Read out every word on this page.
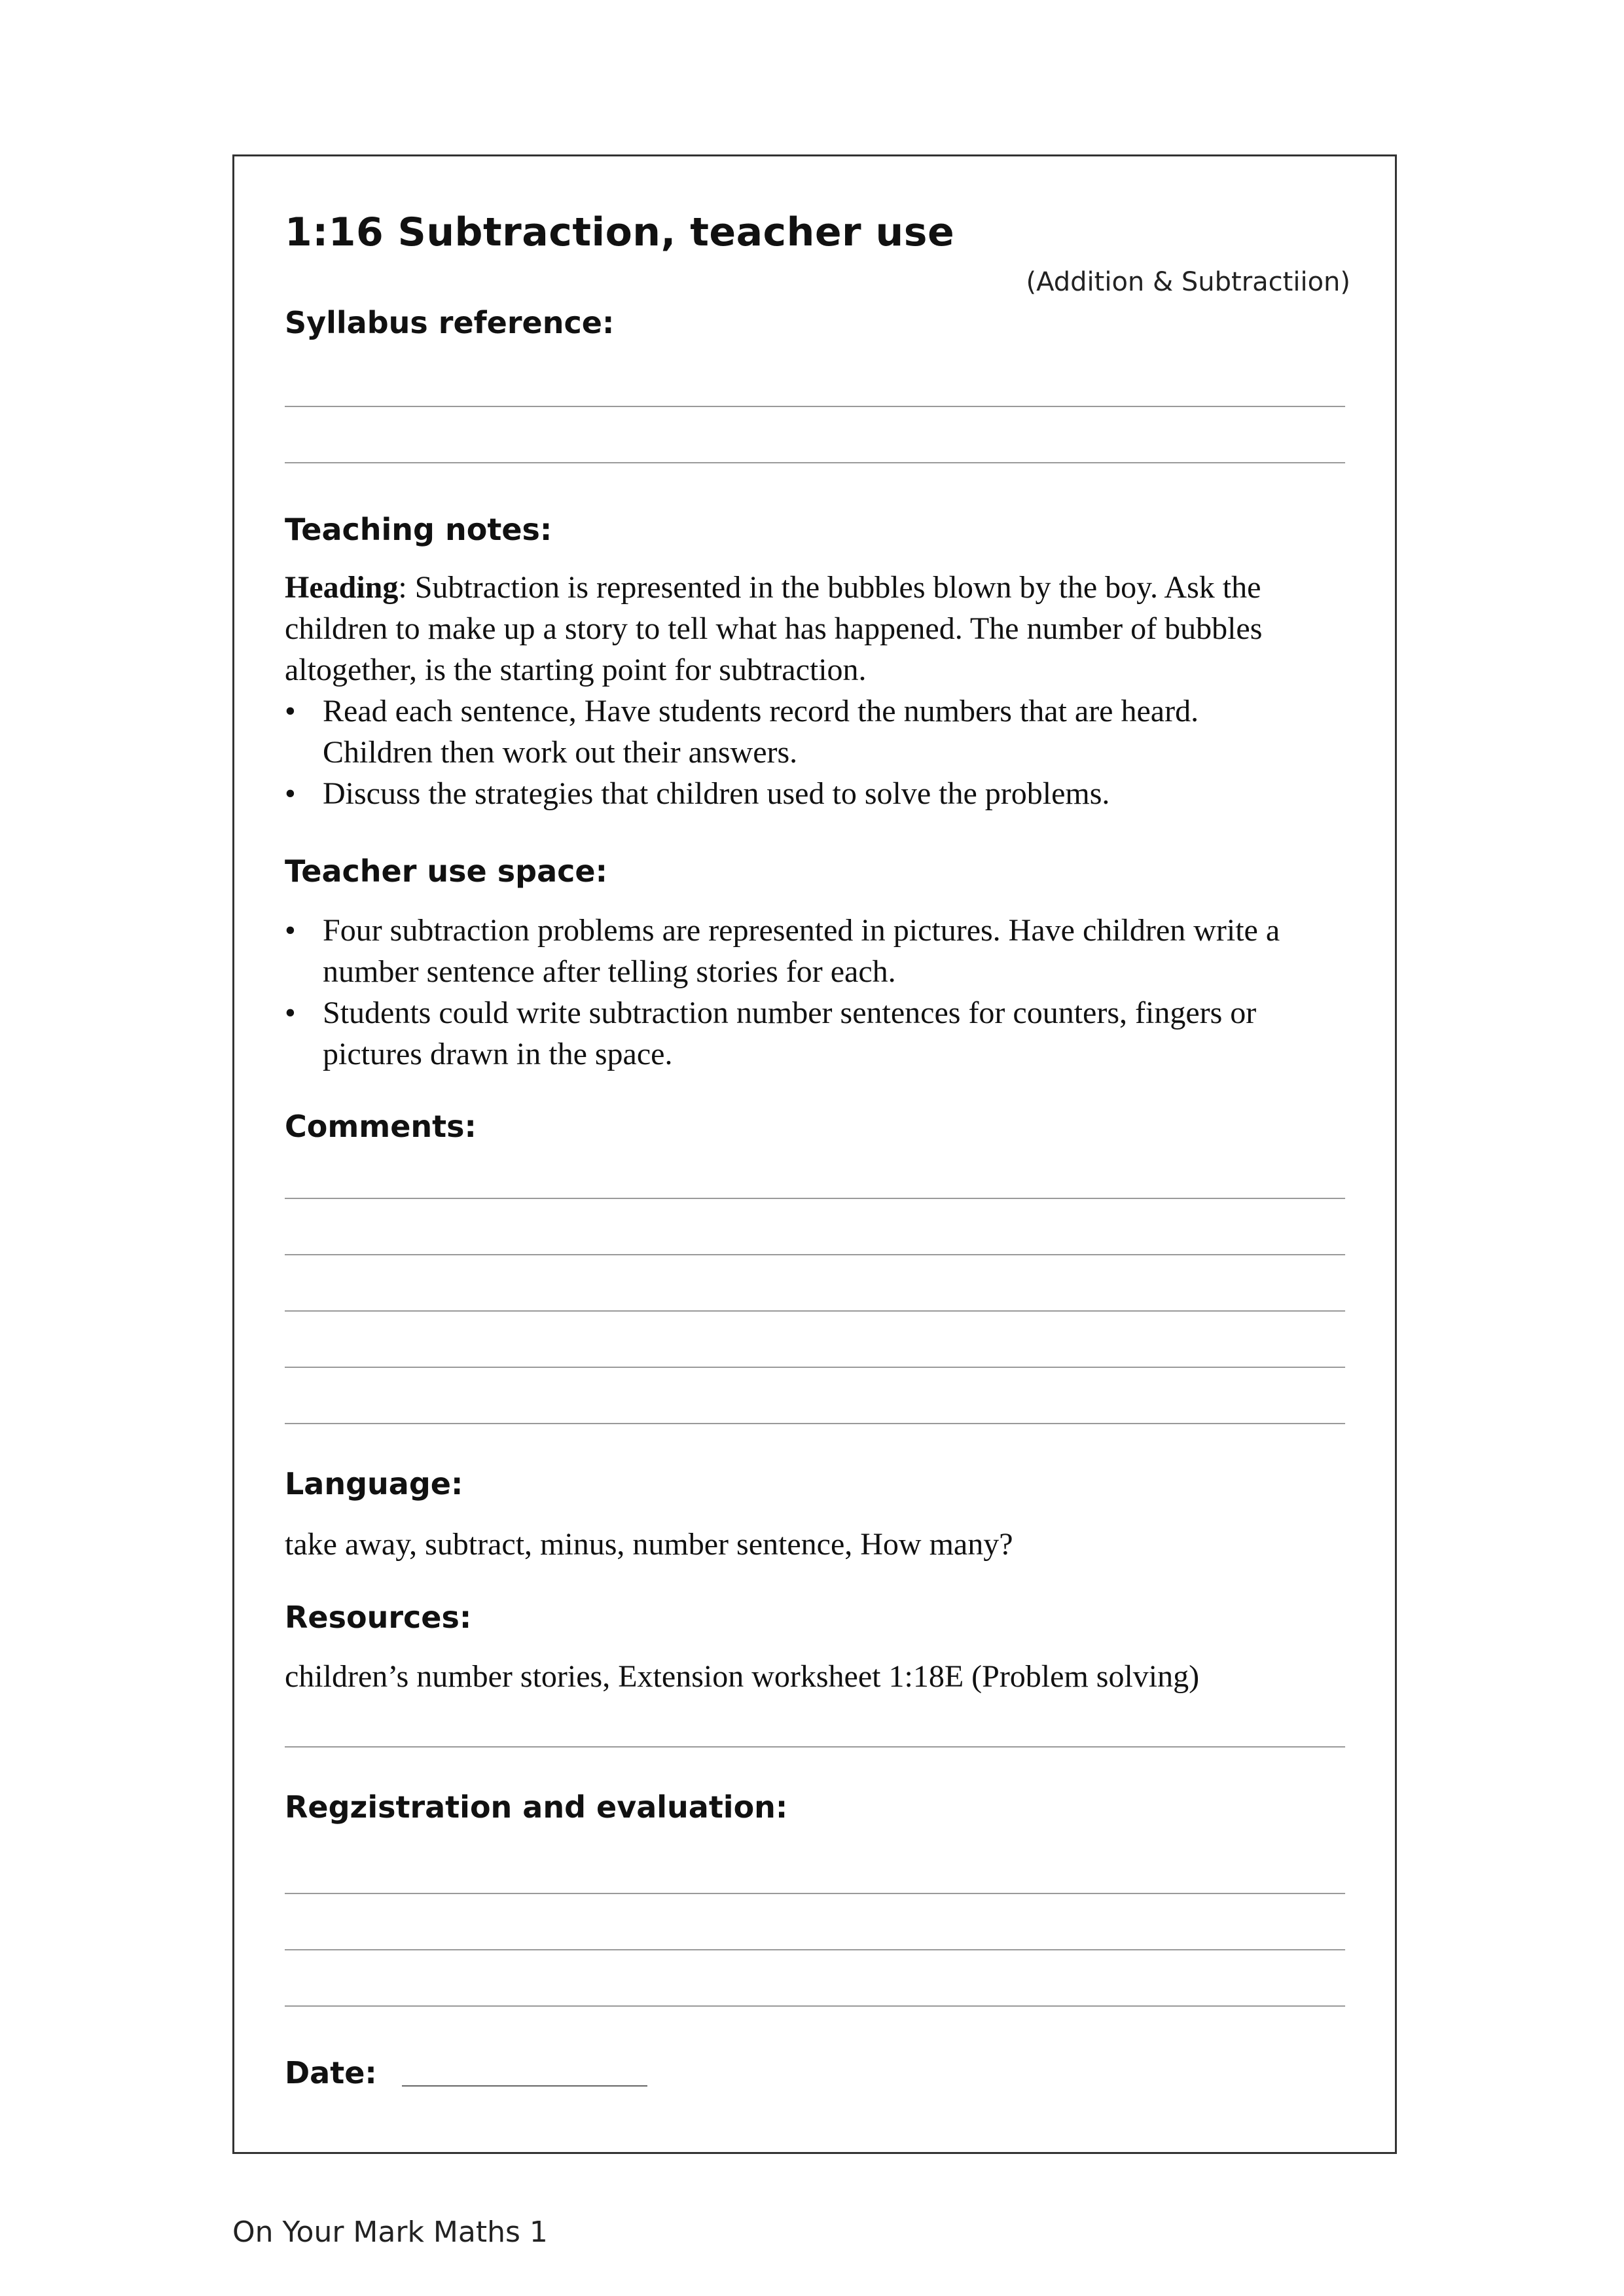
1:16 Subtraction, teacher use
(Addition & Subtractiion)
Syllabus reference:
Teaching notes:

Heading: Subtraction is represented in the bubbles blown by the boy. Ask the children to make up a story to tell what has happened. The number of bubbles altogether, is the starting point for subtraction.

• Read each sentence, Have students record the numbers that are heard. Children then work out their answers.
• Discuss the strategies that children used to solve the problems.
Teacher use space:
• Four subtraction problems are represented in pictures. Have children write a number sentence after telling stories for each.
• Students could write subtraction number sentences for counters, fingers or pictures drawn in the space.
Comments:
Language:
take away, subtract, minus, number sentence, How many?
Resources:
children’s number stories, Extension worksheet 1:18E (Problem solving)
Regzistration and evaluation:
Date:
On Your Mark Maths 1
